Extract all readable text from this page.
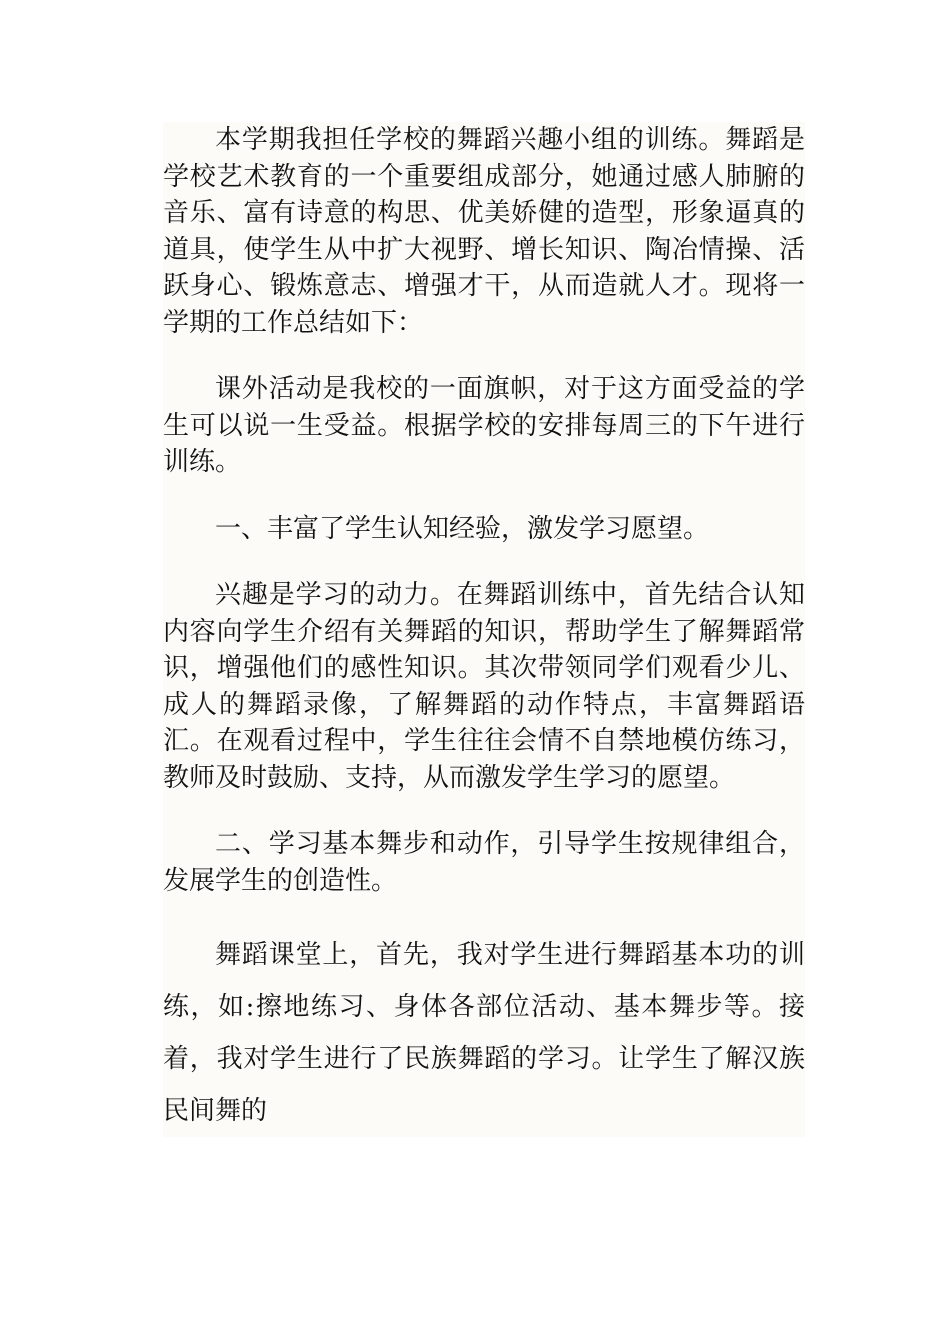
本学期我担任学校的舞蹈兴趣小组的训练。舞蹈是学校艺术教育的一个重要组成部分，她通过感人肺腑的音乐、富有诗意的构思、优美娇健的造型，形象逼真的道具，使学生从中扩大视野、增长知识、陶冶情操、活跃身心、锻炼意志、增强才干，从而造就人才。现将一学期的工作总结如下：

课外活动是我校的一面旗帜，对于这方面受益的学生可以说一生受益。根据学校的安排每周三的下午进行训练。

一、丰富了学生认知经验，激发学习愿望。

兴趣是学习的动力。在舞蹈训练中，首先结合认知内容向学生介绍有关舞蹈的知识，帮助学生了解舞蹈常识，增强他们的感性知识。其次带领同学们观看少儿、成人的舞蹈录像，了解舞蹈的动作特点，丰富舞蹈语汇。在观看过程中，学生往往会情不自禁地模仿练习，教师及时鼓励、支持，从而激发学生学习的愿望。

二、学习基本舞步和动作，引导学生按规律组合，发展学生的创造性。

舞蹈课堂上，首先，我对学生进行舞蹈基本功的训练，如:擦地练习、身体各部位活动、基本舞步等。接着，我对学生进行了民族舞蹈的学习。让学生了解汉族民间舞的
